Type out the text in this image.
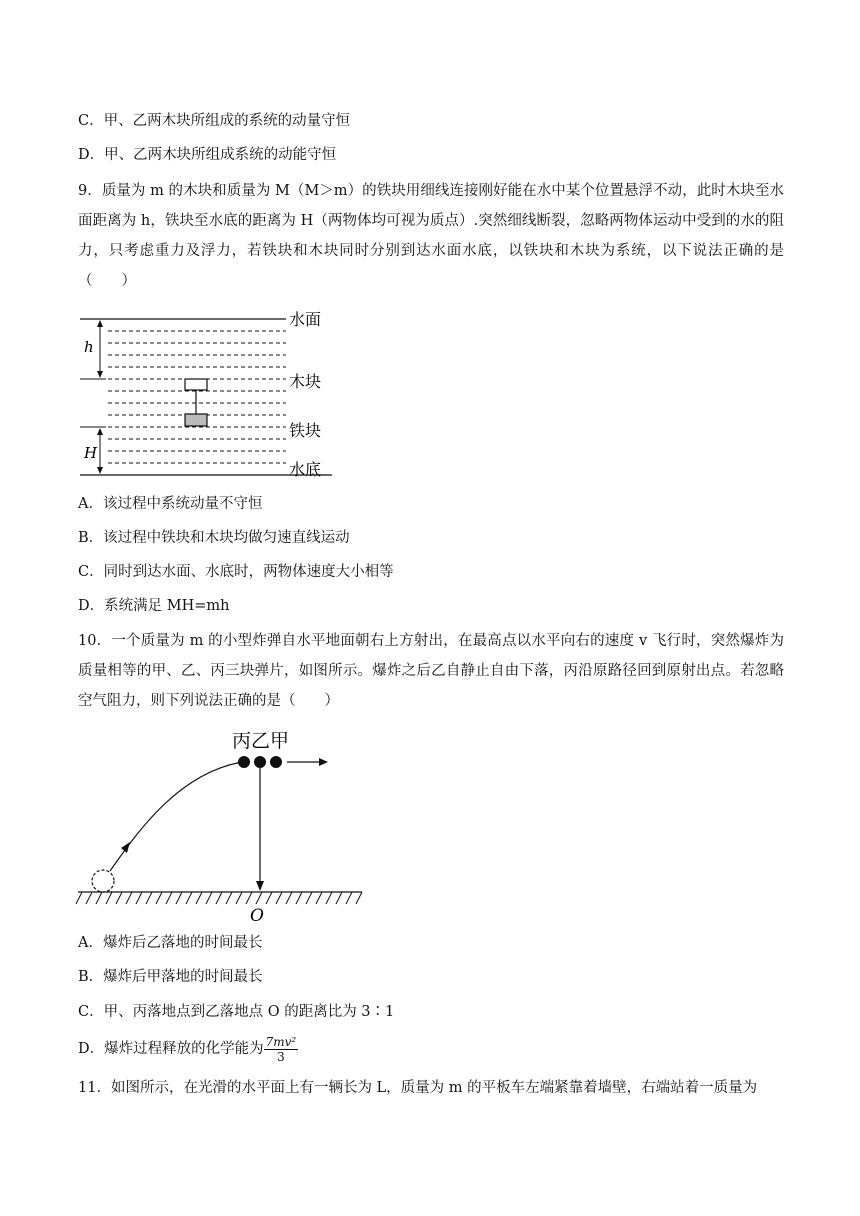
C．甲、乙两木块所组成的系统的动量守恒
D．甲、乙两木块所组成系统的动能守恒
9．质量为 m 的木块和质量为 M（M＞m）的铁块用细线连接刚好能在水中某个位置悬浮不动，此时木块至水面距离为 h，铁块至水底的距离为 H（两物体均可视为质点）.突然细线断裂，忽略两物体运动中受到的水的阻力，只考虑重力及浮力，若铁块和木块同时分别到达水面水底，以铁块和木块为系统，以下说法正确的是（　　）
h
H
水面
木块
铁块
水底
A．该过程中系统动量不守恒
B．该过程中铁块和木块均做匀速直线运动
C．同时到达水面、水底时，两物体速度大小相等
D．系统满足 MH=mh
10．一个质量为 m 的小型炸弹自水平地面朝右上方射出，在最高点以水平向右的速度 v 飞行时，突然爆炸为质量相等的甲、乙、丙三块弹片，如图所示。爆炸之后乙自静止自由下落，丙沿原路径回到原射出点。若忽略空气阻力，则下列说法正确的是（　　）
丙乙甲
O
A．爆炸后乙落地的时间最长
B．爆炸后甲落地的时间最长
C．甲、丙落地点到乙落地点 O 的距离比为 3∶1
D．爆炸过程释放的化学能为 $\frac{\text{7mv²}}{3}$
11．如图所示，在光滑的水平面上有一辆长为 L，质量为 m 的平板车左端紧靠着墙壁，右端站着一质量为
